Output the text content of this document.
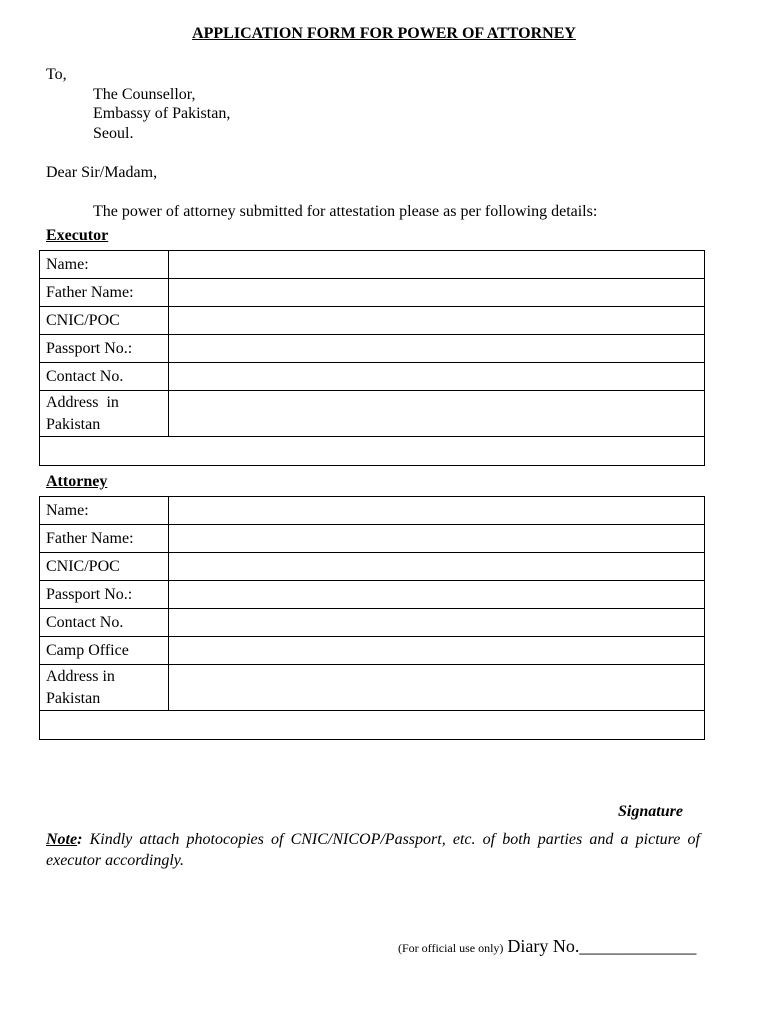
APPLICATION FORM FOR POWER OF ATTORNEY
To,
The Counsellor,
Embassy of Pakistan,
Seoul.
Dear Sir/Madam,
The power of attorney submitted for attestation please as per following details:
Executor
Name:	
Father Name:	
CNIC/POC	
Passport No.:	
Contact No.	

Address  in
Pakistan	

Attorney
Name:	
Father Name:	
CNIC/POC	
Passport No.:	
Contact No.	
Camp Office	

Address in
Pakistan	

Signature
Note: Kindly attach photocopies of CNIC/NICOP/Passport, etc. of both parties and a picture of executor accordingly.
(For official use only) Diary No._____________
